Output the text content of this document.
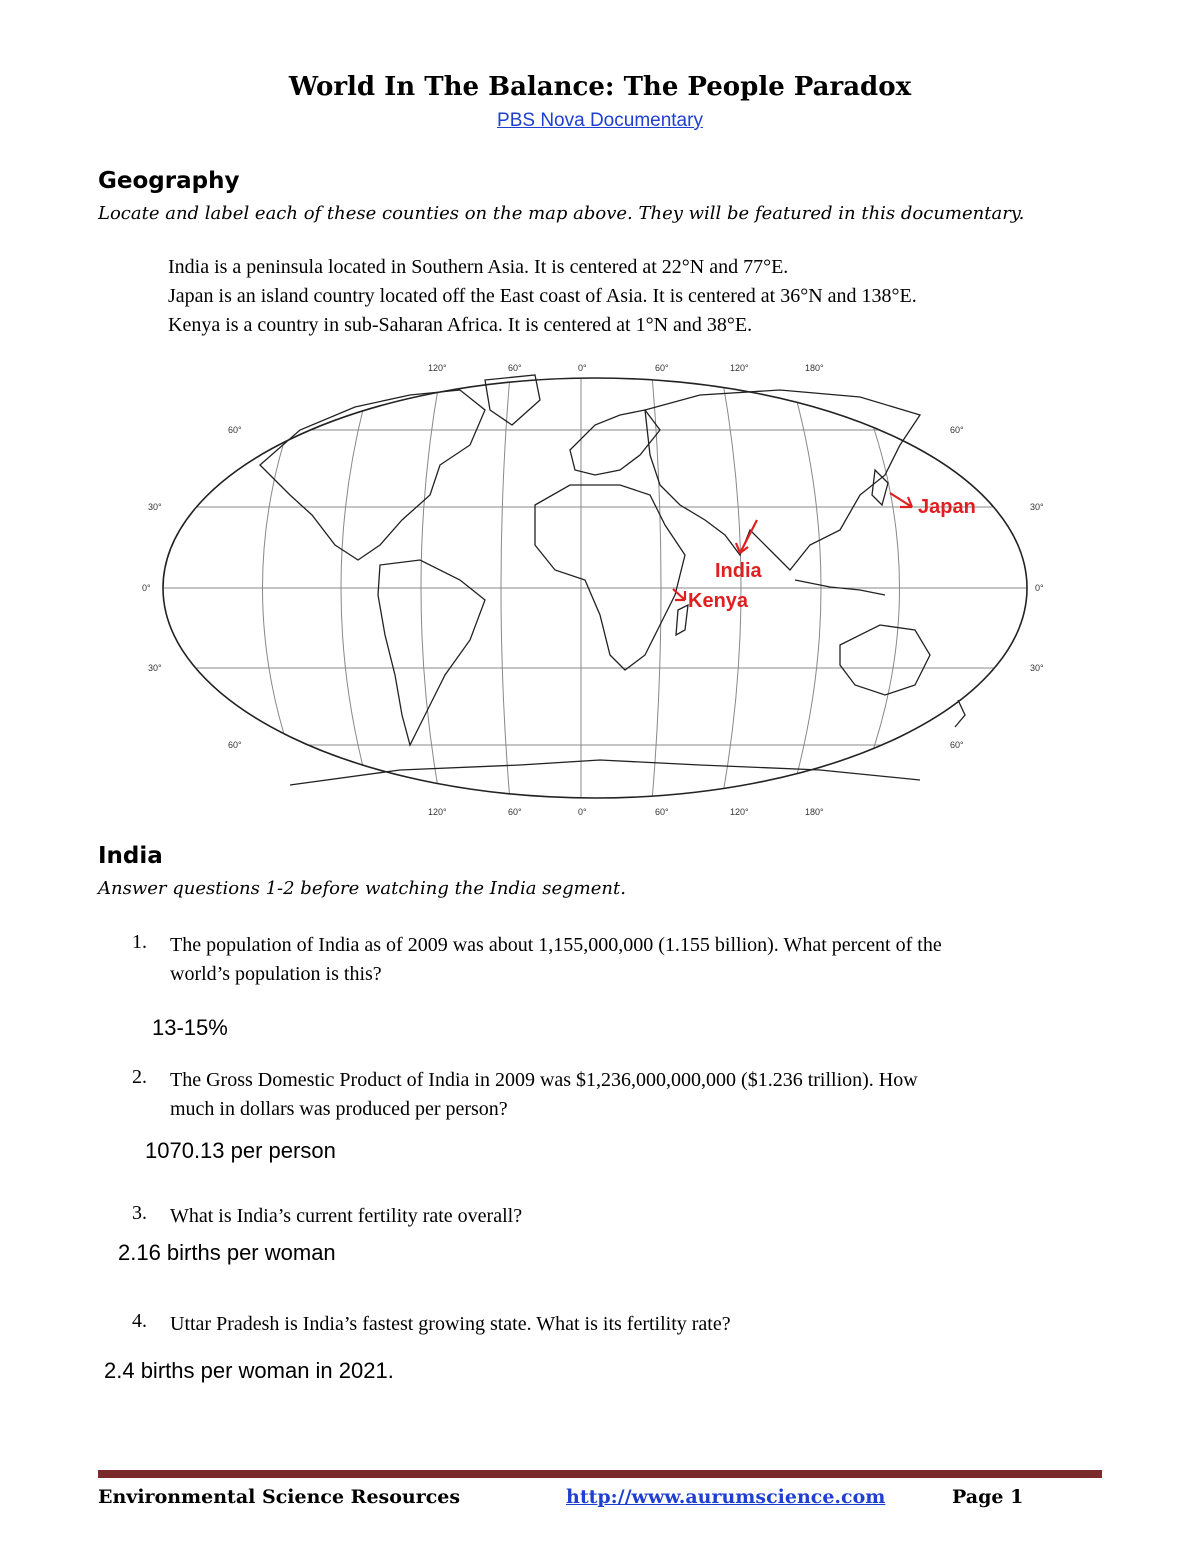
World In The Balance: The People Paradox
PBS Nova Documentary
Geography
Locate and label each of these counties on the map above. They will be featured in this documentary.
India is a peninsula located in Southern Asia. It is centered at 22°N and 77°E.
Japan is an island country located off the East coast of Asia. It is centered at 36°N and 138°E.
Kenya is a country in sub-Saharan Africa. It is centered at 1°N and 38°E.
120°	60°	0°	60°	120°	180°
120°	60°	0°	60°	120°	180°
60°
30°
0°
30°
60°
60°
30°
0°
30°
60°
India
Japan
Kenya
India
Answer questions 1-2 before watching the India segment.
1. The population of India as of 2009 was about 1,155,000,000 (1.155 billion). What percent of the
world’s population is this?
13-15%
2. The Gross Domestic Product of India in 2009 was $1,236,000,000,000 ($1.236 trillion). How
much in dollars was produced per person?
1070.13 per person
3. What is India’s current fertility rate overall?
2.16 births per woman
4. Uttar Pradesh is India’s fastest growing state. What is its fertility rate?
2.4 births per woman in 2021.
Environmental Science Resources	http://www.aurumscience.com	Page 1
